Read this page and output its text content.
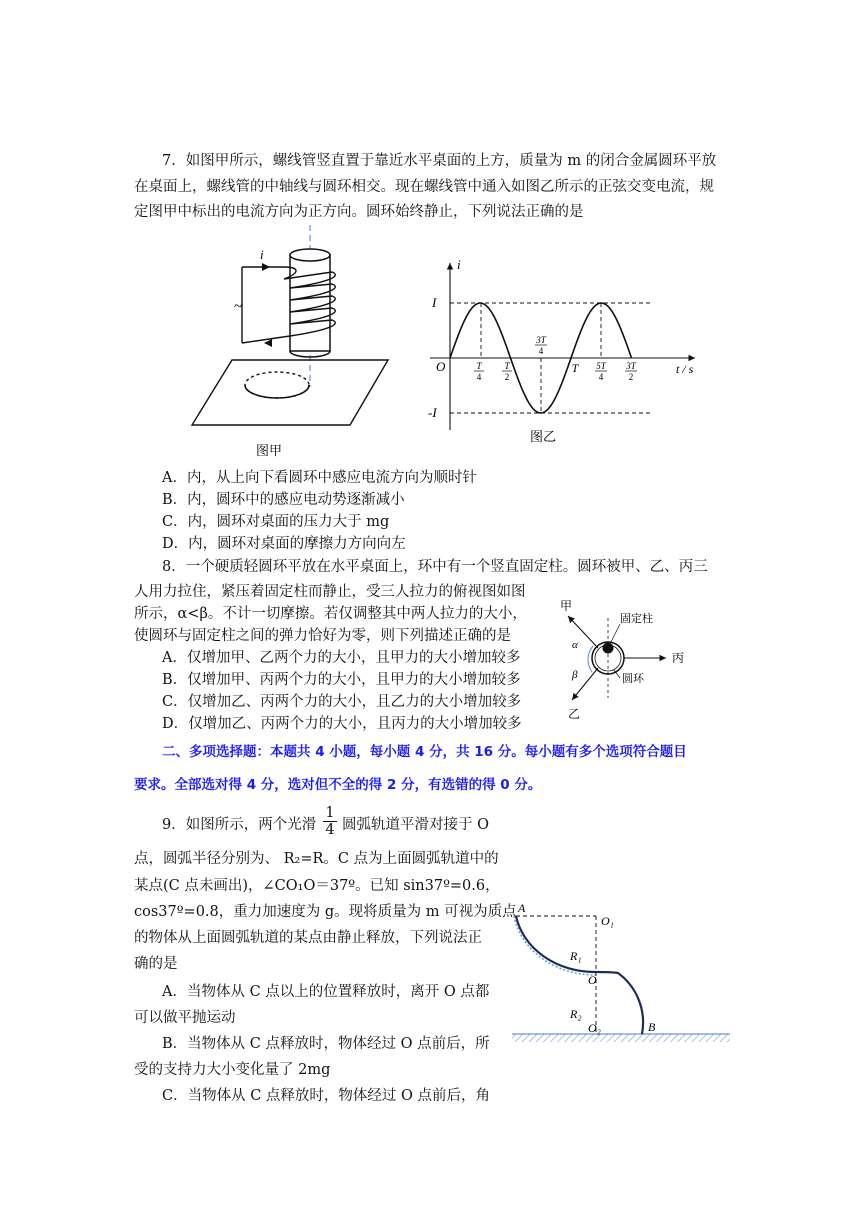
7．如图甲所示，螺线管竖直置于靠近水平桌面的上方，质量为 m 的闭合金属圆环平放
在桌面上，螺线管的中轴线与圆环相交。现在螺线管中通入如图乙所示的正弦交变电流，规
定图甲中标出的电流方向为正方向。圆环始终静止，下列说法正确的是
i
~
图甲
i
t / s
O
I
-I
T
4
T
2
3T
4
T 5T
4
3T
2
图乙
A．内，从上向下看圆环中感应电流方向为顺时针
B．内，圆环中的感应电动势逐渐减小
C．内，圆环对桌面的压力大于 mg
D．内，圆环对桌面的摩擦力方向向左
8．一个硬质轻圆环平放在水平桌面上，环中有一个竖直固定柱。圆环被甲、乙、丙三
人用力拉住，紧压着固定柱而静止，受三人拉力的俯视图如图
所示，α<β。不计一切摩擦。若仅调整其中两人拉力的大小，
使圆环与固定柱之间的弹力恰好为零，则下列描述正确的是
A．仅增加甲、乙两个力的大小，且甲力的大小增加较多
B．仅增加甲、丙两个力的大小，且甲力的大小增加较多
C．仅增加乙、丙两个力的大小，且乙力的大小增加较多
D．仅增加乙、丙两个力的大小，且丙力的大小增加较多
甲
固定柱
丙
α
β	圆环
乙
二、多项选择题：本题共 4 小题，每小题 4 分，共 16 分。每小题有多个选项符合题目
要求。全部选对得 4 分，选对但不全的得 2 分，有选错的得 0 分。
9．如图所示，两个光滑 $\frac{1}{4}$ 圆弧轨道平滑对接于 O
点，圆弧半径分别为、 R₂=R。C 点为上面圆弧轨道中的
某点(C 点未画出)，∠CO₁O＝37º。已知 sin37º=0.6，
cos37º=0.8，重力加速度为 g。现将质量为 m 可视为质点
的物体从上面圆弧轨道的某点由静止释放，下列说法正
确的是
A．当物体从 C 点以上的位置释放时，离开 O 点都
可以做平抛运动
B．当物体从 C 点释放时，物体经过 O 点前后，所
受的支持力大小变化量了 2mg
C．当物体从 C 点释放时，物体经过 O 点前后，角
A
O₁
R₁
O
R₂
O₂	B
